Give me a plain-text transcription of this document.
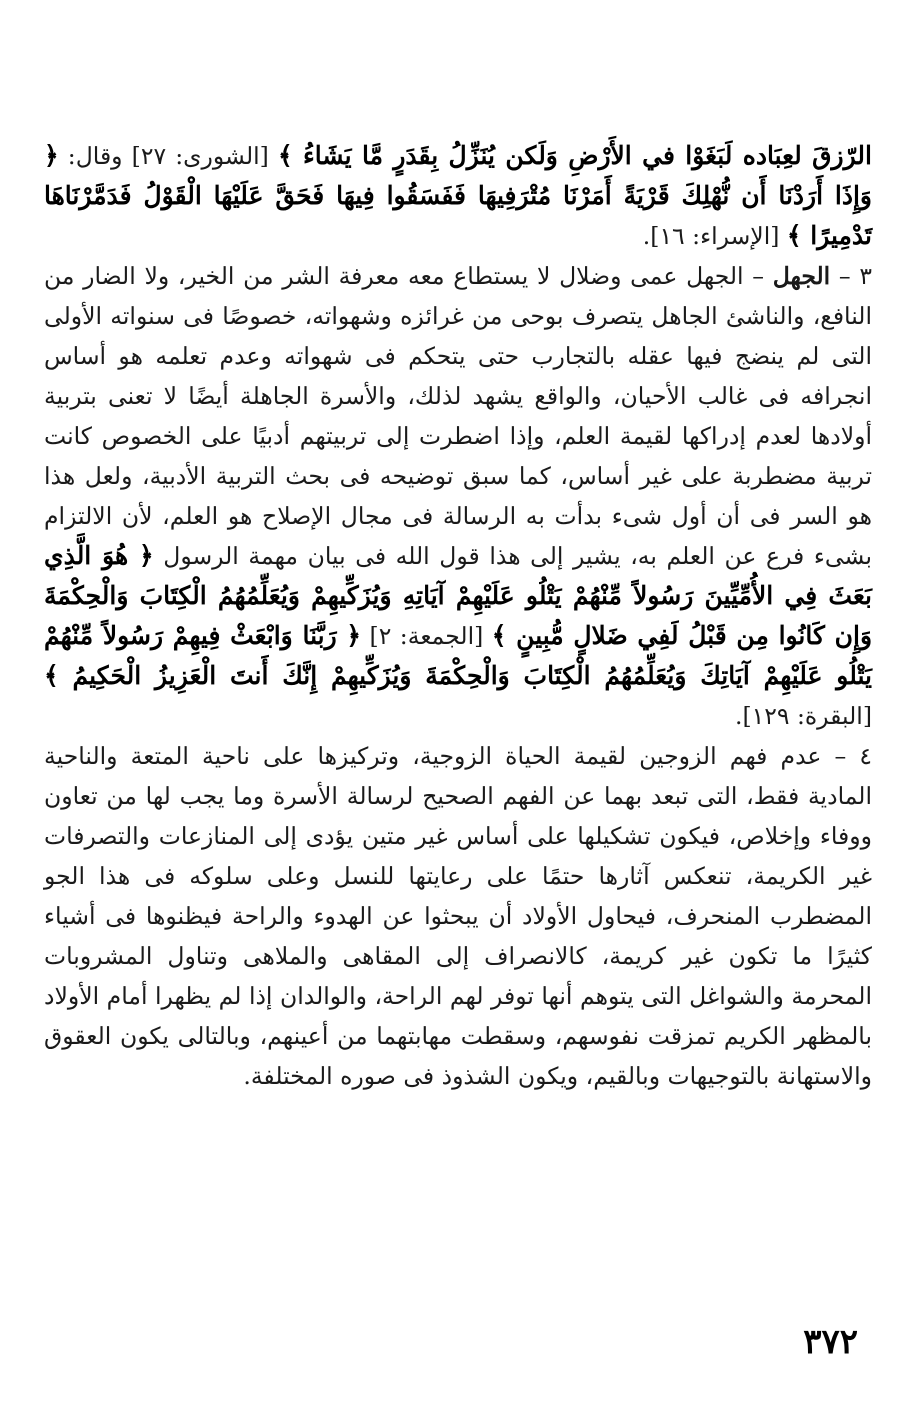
الرّزقَ لعِبَاده لَبَغَوْا في الأَرْضِ وَلَكن يُنَزِّلُ بِقَدَرٍ مَّا يَشَاءُ ﴾ [الشورى: ٢٧] وقال: ﴿ وَإِذَا أَرَدْنَا أَن نُّهْلِكَ قَرْيَةً أَمَرْنَا مُتْرَفِيهَا فَفَسَقُوا فِيهَا فَحَقَّ عَلَيْهَا الْقَوْلُ فَدَمَّرْنَاهَا تَدْمِيرًا ﴾ [الإسراء: ١٦].

٣ – الجهل – الجهل عمى وضلال لا يستطاع معه معرفة الشر من الخير، ولا الضار من النافع، والناشئ الجاهل يتصرف بوحى من غرائزه وشهواته، خصوصًا فى سنواته الأولى التى لم ينضج فيها عقله بالتجارب حتى يتحكم فى شهواته وعدم تعلمه هو أساس انجرافه فى غالب الأحيان، والواقع يشهد لذلك، والأسرة الجاهلة أيضًا لا تعنى بتربية أولادها لعدم إدراكها لقيمة العلم، وإذا اضطرت إلى تربيتهم أدبيًا على الخصوص كانت تربية مضطربة على غير أساس، كما سبق توضيحه فى بحث التربية الأدبية، ولعل هذا هو السر فى أن أول شىء بدأت به الرسالة فى مجال الإصلاح هو العلم، لأن الالتزام بشىء فرع عن العلم به، يشير إلى هذا قول الله فى بيان مهمة الرسول ﴿ هُوَ الَّذِي بَعَثَ فِي الأُمِّيِّينَ رَسُولاً مِّنْهُمْ يَتْلُو عَلَيْهِمْ آيَاتِهِ وَيُزَكِّيهِمْ وَيُعَلِّمُهُمُ الْكِتَابَ وَالْحِكْمَةَ وَإِن كَانُوا مِن قَبْلُ لَفِي ضَلالٍ مُّبِينٍ ﴾ [الجمعة: ٢] ﴿ رَبَّنَا وَابْعَثْ فِيهِمْ رَسُولاً مِّنْهُمْ يَتْلُو عَلَيْهِمْ آيَاتِكَ وَيُعَلِّمُهُمُ الْكِتَابَ وَالْحِكْمَةَ وَيُزَكِّيهِمْ إِنَّكَ أَنتَ الْعَزِيزُ الْحَكِيمُ ﴾ [البقرة: ١٢٩].

٤ – عدم فهم الزوجين لقيمة الحياة الزوجية، وتركيزها على ناحية المتعة والناحية المادية فقط، التى تبعد بهما عن الفهم الصحيح لرسالة الأسرة وما يجب لها من تعاون ووفاء وإخلاص، فيكون تشكيلها على أساس غير متين يؤدى إلى المنازعات والتصرفات غير الكريمة، تنعكس آثارها حتمًا على رعايتها للنسل وعلى سلوكه فى هذا الجو المضطرب المنحرف، فيحاول الأولاد أن يبحثوا عن الهدوء والراحة فيظنوها فى أشياء كثيرًا ما تكون غير كريمة، كالانصراف إلى المقاهى والملاهى وتناول المشروبات المحرمة والشواغل التى يتوهم أنها توفر لهم الراحة، والوالدان إذا لم يظهرا أمام الأولاد بالمظهر الكريم تمزقت نفوسهم، وسقطت مهابتهما من أعينهم، وبالتالى يكون العقوق والاستهانة بالتوجيهات وبالقيم، ويكون الشذوذ فى صوره المختلفة.

٣٧٢
